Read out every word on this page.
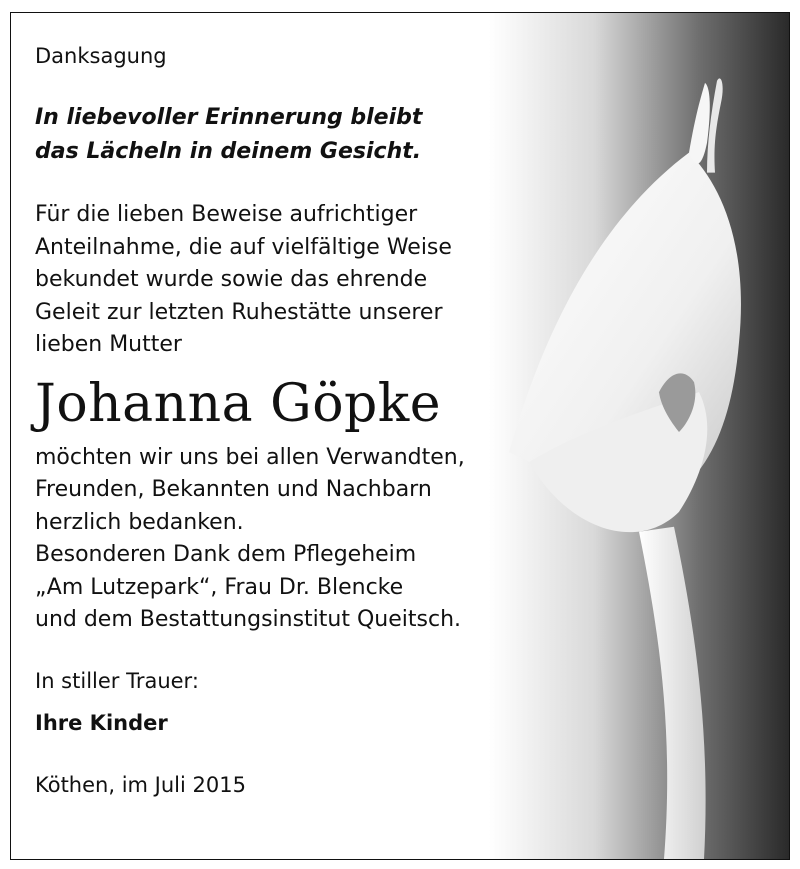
Danksagung

In liebevoller Erinnerung bleibt
das Lächeln in deinem Gesicht.

Für die lieben Beweise aufrichtiger
Anteilnahme, die auf vielfältige Weise
bekundet wurde sowie das ehrende
Geleit zur letzten Ruhestätte unserer
lieben Mutter

Johanna Göpke

möchten wir uns bei allen Verwandten,
Freunden, Bekannten und Nachbarn
herzlich bedanken.
Besonderen Dank dem Pflegeheim
„Am Lutzepark“, Frau Dr. Blencke
und dem Bestattungsinstitut Queitsch.

In stiller Trauer:

Ihre Kinder

Köthen, im Juli 2015
